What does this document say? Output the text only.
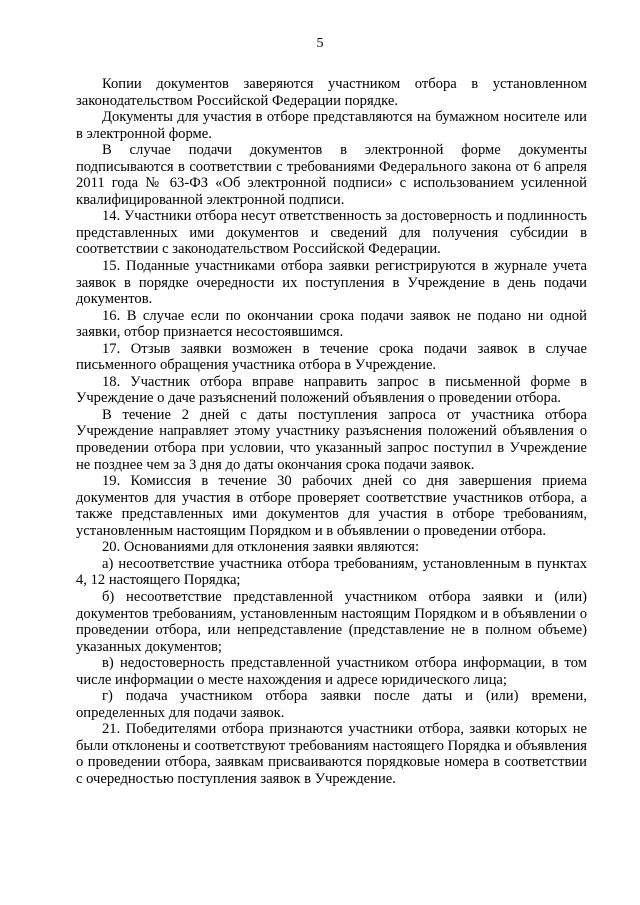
5

Копии документов заверяются участником отбора в установленном законодательством Российской Федерации порядке.

Документы для участия в отборе представляются на бумажном носителе или в электронной форме.

В случае подачи документов в электронной форме документы подписываются в соответствии с требованиями Федерального закона от 6 апреля 2011 года № 63-ФЗ «Об электронной подписи» с использованием усиленной квалифицированной электронной подписи.

14. Участники отбора несут ответственность за достоверность и подлинность представленных ими документов и сведений для получения субсидии в соответствии с законодательством Российской Федерации.

15. Поданные участниками отбора заявки регистрируются в журнале учета заявок в порядке очередности их поступления в Учреждение в день подачи документов.

16. В случае если по окончании срока подачи заявок не подано ни одной заявки, отбор признается несостоявшимся.

17. Отзыв заявки возможен в течение срока подачи заявок в случае письменного обращения участника отбора в Учреждение.

18. Участник отбора вправе направить запрос в письменной форме в Учреждение о даче разъяснений положений объявления о проведении отбора.

В течение 2 дней с даты поступления запроса от участника отбора Учреждение направляет этому участнику разъяснения положений объявления о проведении отбора при условии, что указанный запрос поступил в Учреждение не позднее чем за 3 дня до даты окончания срока подачи заявок.

19. Комиссия в течение 30 рабочих дней со дня завершения приема документов для участия в отборе проверяет соответствие участников отбора, а также представленных ими документов для участия в отборе требованиям, установленным настоящим Порядком и в объявлении о проведении отбора.

20. Основаниями для отклонения заявки являются:

а) несоответствие участника отбора требованиям, установленным в пунктах 4, 12 настоящего Порядка;

б) несоответствие представленной участником отбора заявки и (или) документов требованиям, установленным настоящим Порядком и в объявлении о проведении отбора, или непредставление (представление не в полном объеме) указанных документов;

в) недостоверность представленной участником отбора информации, в том числе информации о месте нахождения и адресе юридического лица;

г) подача участником отбора заявки после даты и (или) времени, определенных для подачи заявок.

21. Победителями отбора признаются участники отбора, заявки которых не были отклонены и соответствуют требованиям настоящего Порядка и объявления о проведении отбора, заявкам присваиваются порядковые номера в соответствии с очередностью поступления заявок в Учреждение.
